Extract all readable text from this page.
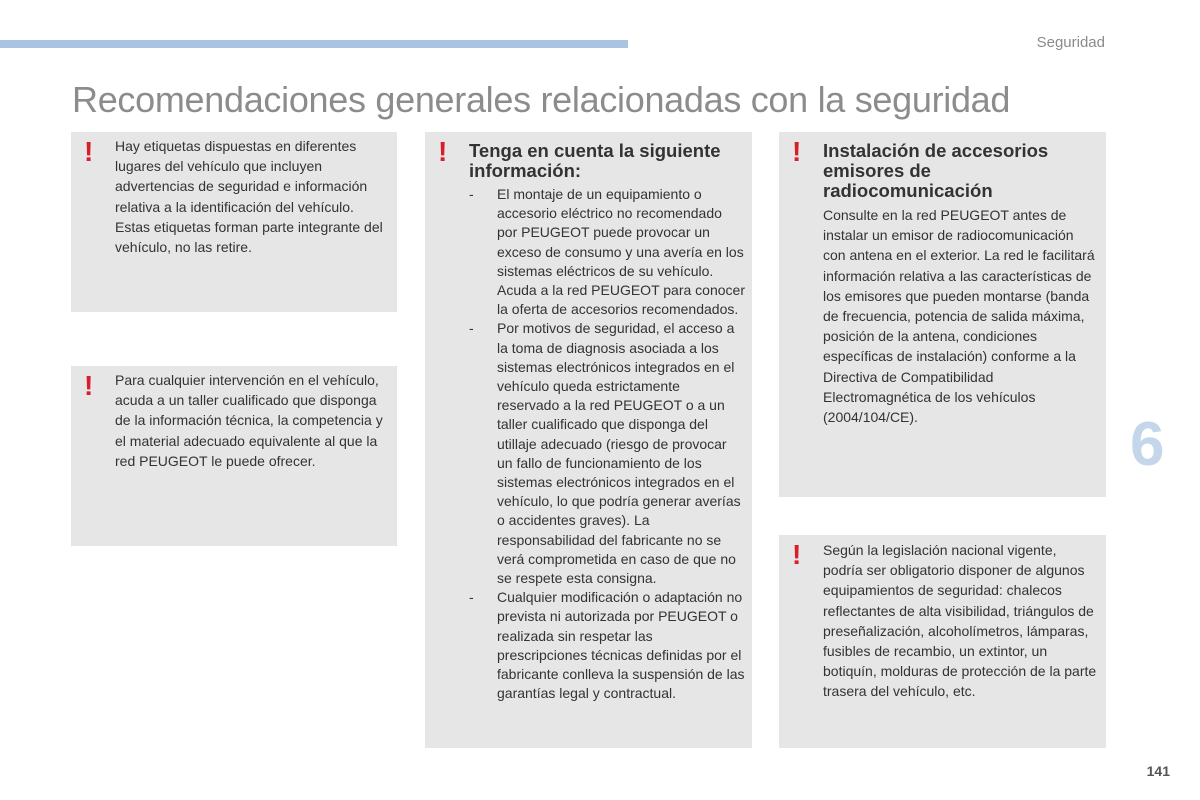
Seguridad
Recomendaciones generales relacionadas con la seguridad
! Hay etiquetas dispuestas en diferentes lugares del vehículo que incluyen advertencias de seguridad e información relativa a la identificación del vehículo. Estas etiquetas forman parte integrante del vehículo, no las retire.

! Para cualquier intervención en el vehículo, acuda a un taller cualificado que disponga de la información técnica, la competencia y el material adecuado equivalente al que la red PEUGEOT le puede ofrecer.

! Tenga en cuenta la siguiente información:
- El montaje de un equipamiento o accesorio eléctrico no recomendado por PEUGEOT puede provocar un exceso de consumo y una avería en los sistemas eléctricos de su vehículo. Acuda a la red PEUGEOT para conocer la oferta de accesorios recomendados.
- Por motivos de seguridad, el acceso a la toma de diagnosis asociada a los sistemas electrónicos integrados en el vehículo queda estrictamente reservado a la red PEUGEOT o a un taller cualificado que disponga del utillaje adecuado (riesgo de provocar un fallo de funcionamiento de los sistemas electrónicos integrados en el vehículo, lo que podría generar averías o accidentes graves). La responsabilidad del fabricante no se verá comprometida en caso de que no se respete esta consigna.
- Cualquier modificación o adaptación no prevista ni autorizada por PEUGEOT o realizada sin respetar las prescripciones técnicas definidas por el fabricante conlleva la suspensión de las garantías legal y contractual.
! Instalación de accesorios emisores de radiocomunicación

Consulte en la red PEUGEOT antes de instalar un emisor de radiocomunicación con antena en el exterior. La red le facilitará información relativa a las características de los emisores que pueden montarse (banda de frecuencia, potencia de salida máxima, posición de la antena, condiciones específicas de instalación) conforme a la Directiva de Compatibilidad Electromagnética de los vehículos (2004/104/CE).

! Según la legislación nacional vigente, podría ser obligatorio disponer de algunos equipamientos de seguridad: chalecos reflectantes de alta visibilidad, triángulos de preseñalización, alcoholímetros, lámparas, fusibles de recambio, un extintor, un botiquín, molduras de protección de la parte trasera del vehículo, etc.

6
141
